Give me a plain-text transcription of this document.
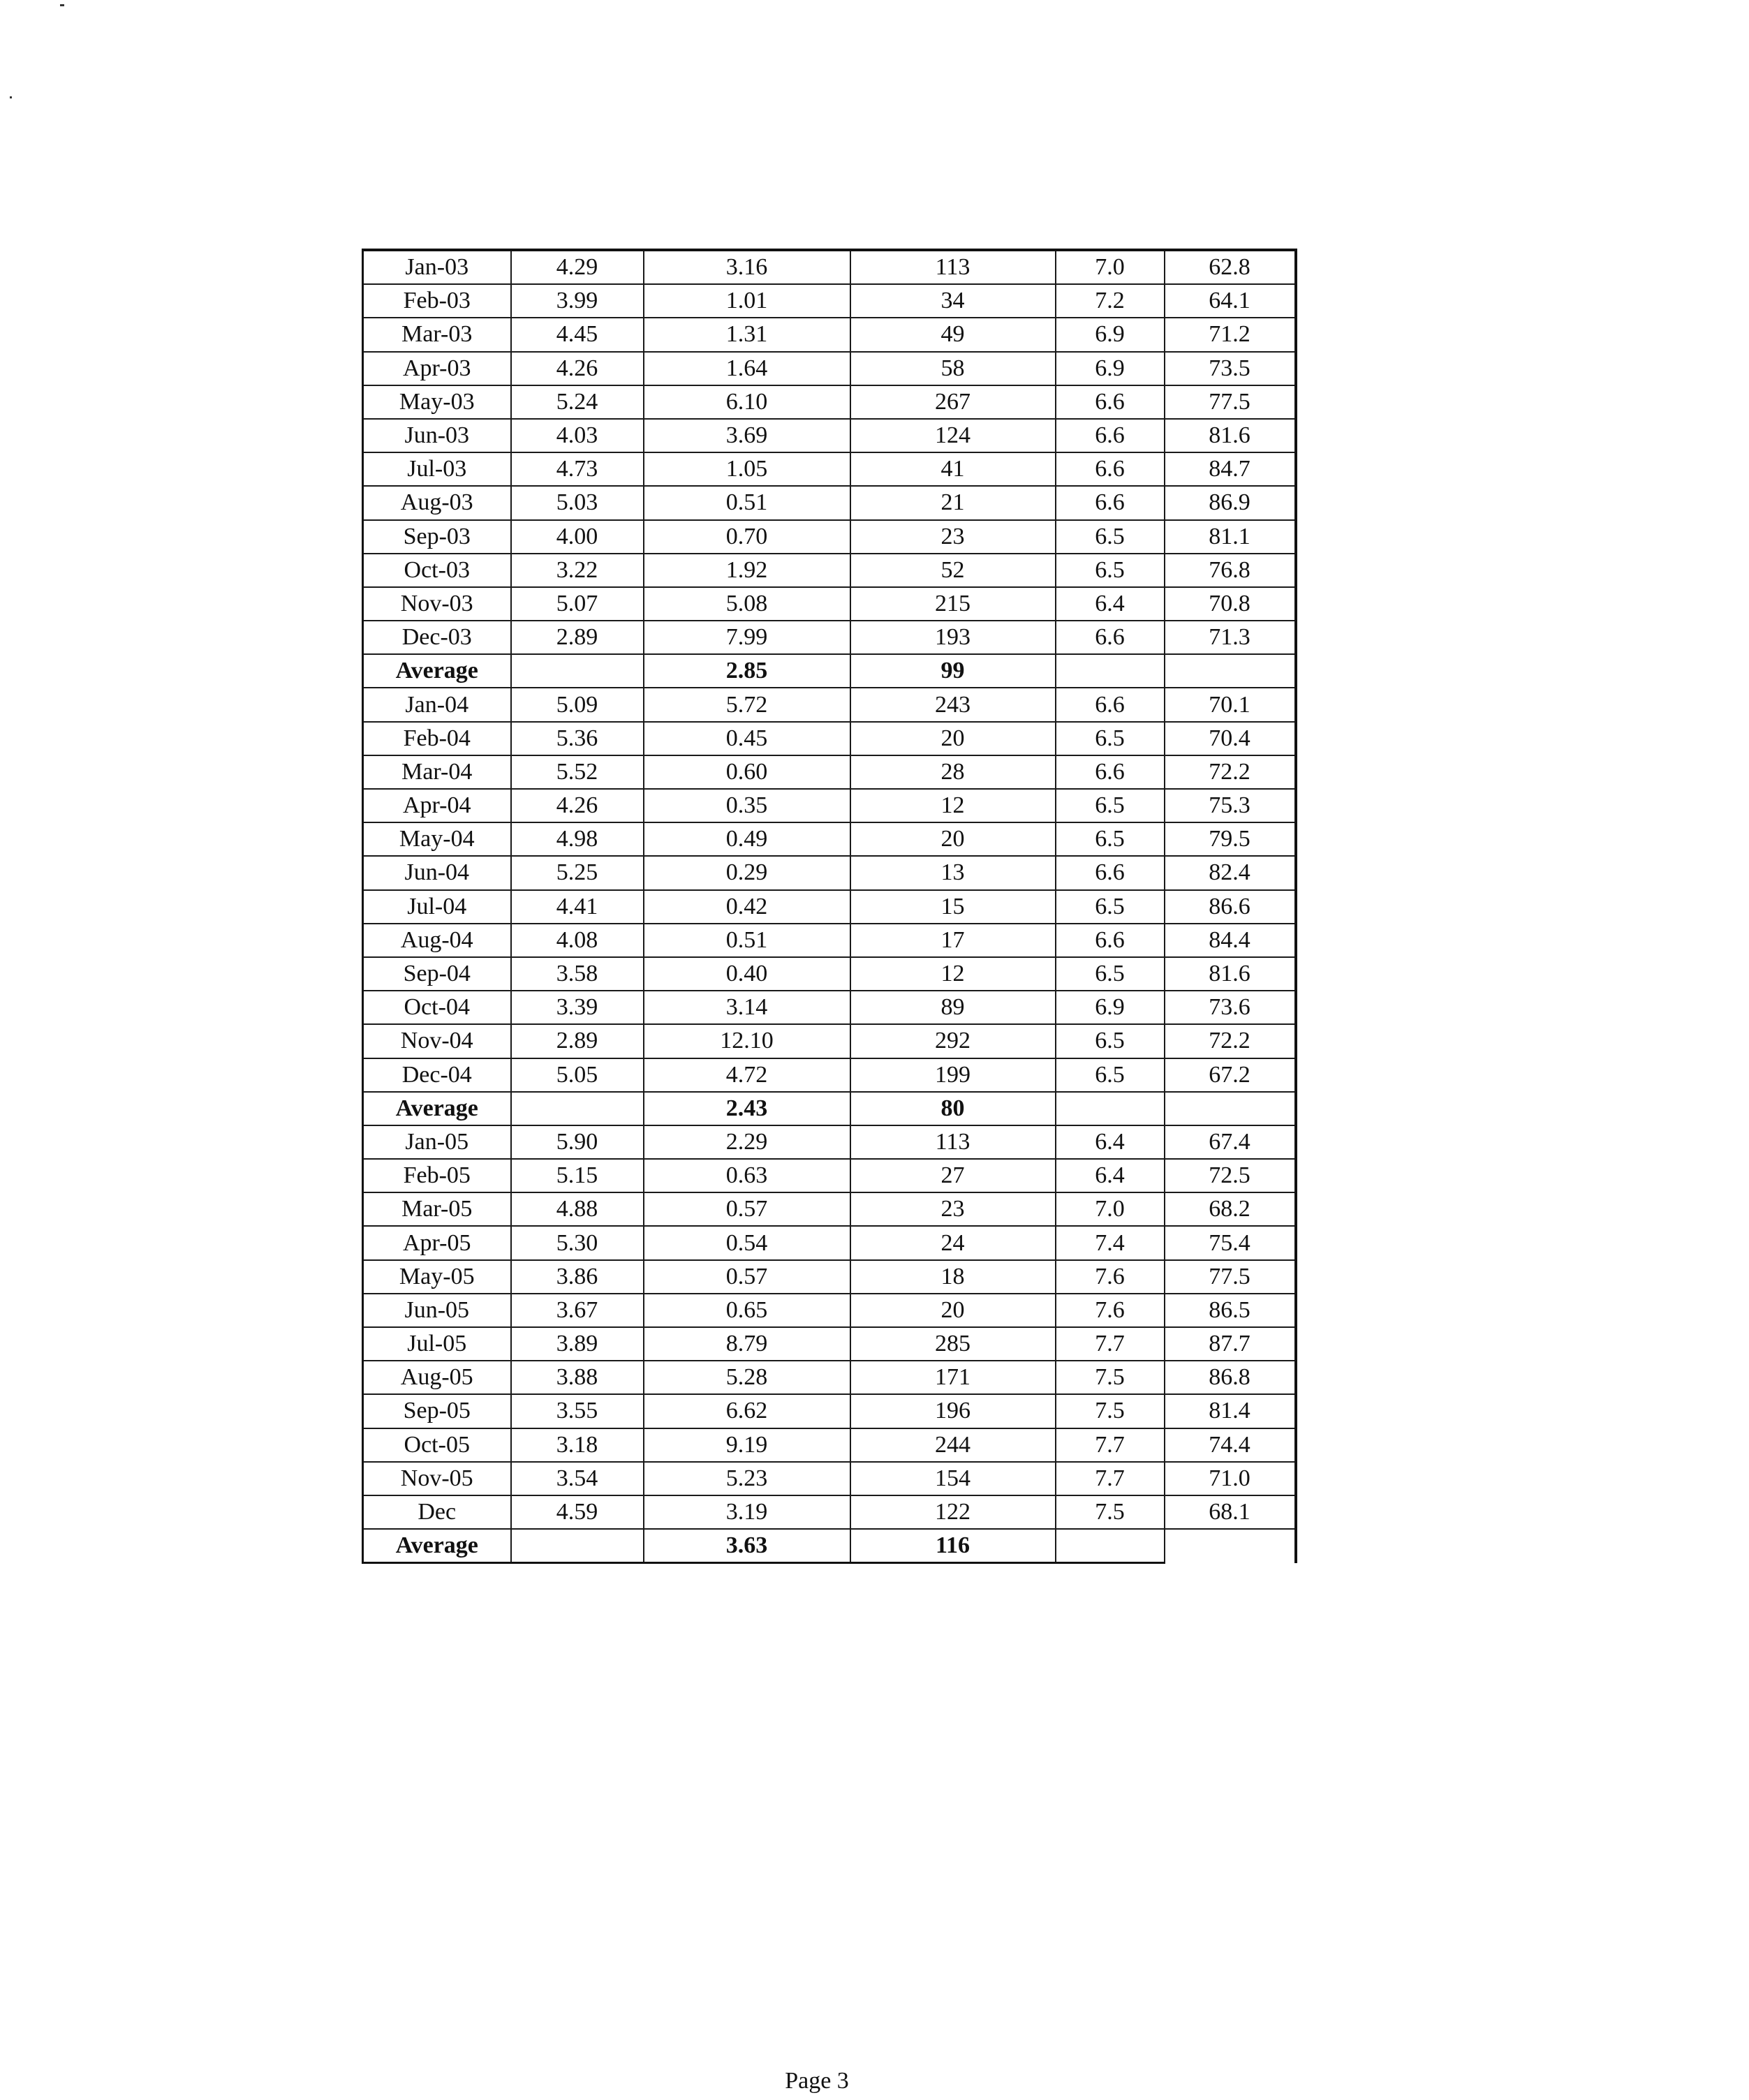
Jan-03	4.29	3.16	113	7.0	62.8
Feb-03	3.99	1.01	34	7.2	64.1
Mar-03	4.45	1.31	49	6.9	71.2
Apr-03	4.26	1.64	58	6.9	73.5
May-03	5.24	6.10	267	6.6	77.5
Jun-03	4.03	3.69	124	6.6	81.6
Jul-03	4.73	1.05	41	6.6	84.7
Aug-03	5.03	0.51	21	6.6	86.9
Sep-03	4.00	0.70	23	6.5	81.1
Oct-03	3.22	1.92	52	6.5	76.8
Nov-03	5.07	5.08	215	6.4	70.8
Dec-03	2.89	7.99	193	6.6	71.3
Average		2.85	99		
Jan-04	5.09	5.72	243	6.6	70.1
Feb-04	5.36	0.45	20	6.5	70.4
Mar-04	5.52	0.60	28	6.6	72.2
Apr-04	4.26	0.35	12	6.5	75.3
May-04	4.98	0.49	20	6.5	79.5
Jun-04	5.25	0.29	13	6.6	82.4
Jul-04	4.41	0.42	15	6.5	86.6
Aug-04	4.08	0.51	17	6.6	84.4
Sep-04	3.58	0.40	12	6.5	81.6
Oct-04	3.39	3.14	89	6.9	73.6
Nov-04	2.89	12.10	292	6.5	72.2
Dec-04	5.05	4.72	199	6.5	67.2
Average		2.43	80		
Jan-05	5.90	2.29	113	6.4	67.4
Feb-05	5.15	0.63	27	6.4	72.5
Mar-05	4.88	0.57	23	7.0	68.2
Apr-05	5.30	0.54	24	7.4	75.4
May-05	3.86	0.57	18	7.6	77.5
Jun-05	3.67	0.65	20	7.6	86.5
Jul-05	3.89	8.79	285	7.7	87.7
Aug-05	3.88	5.28	171	7.5	86.8
Sep-05	3.55	6.62	196	7.5	81.4
Oct-05	3.18	9.19	244	7.7	74.4
Nov-05	3.54	5.23	154	7.7	71.0
Dec	4.59	3.19	122	7.5	68.1
Average		3.63	116		
Page 3
